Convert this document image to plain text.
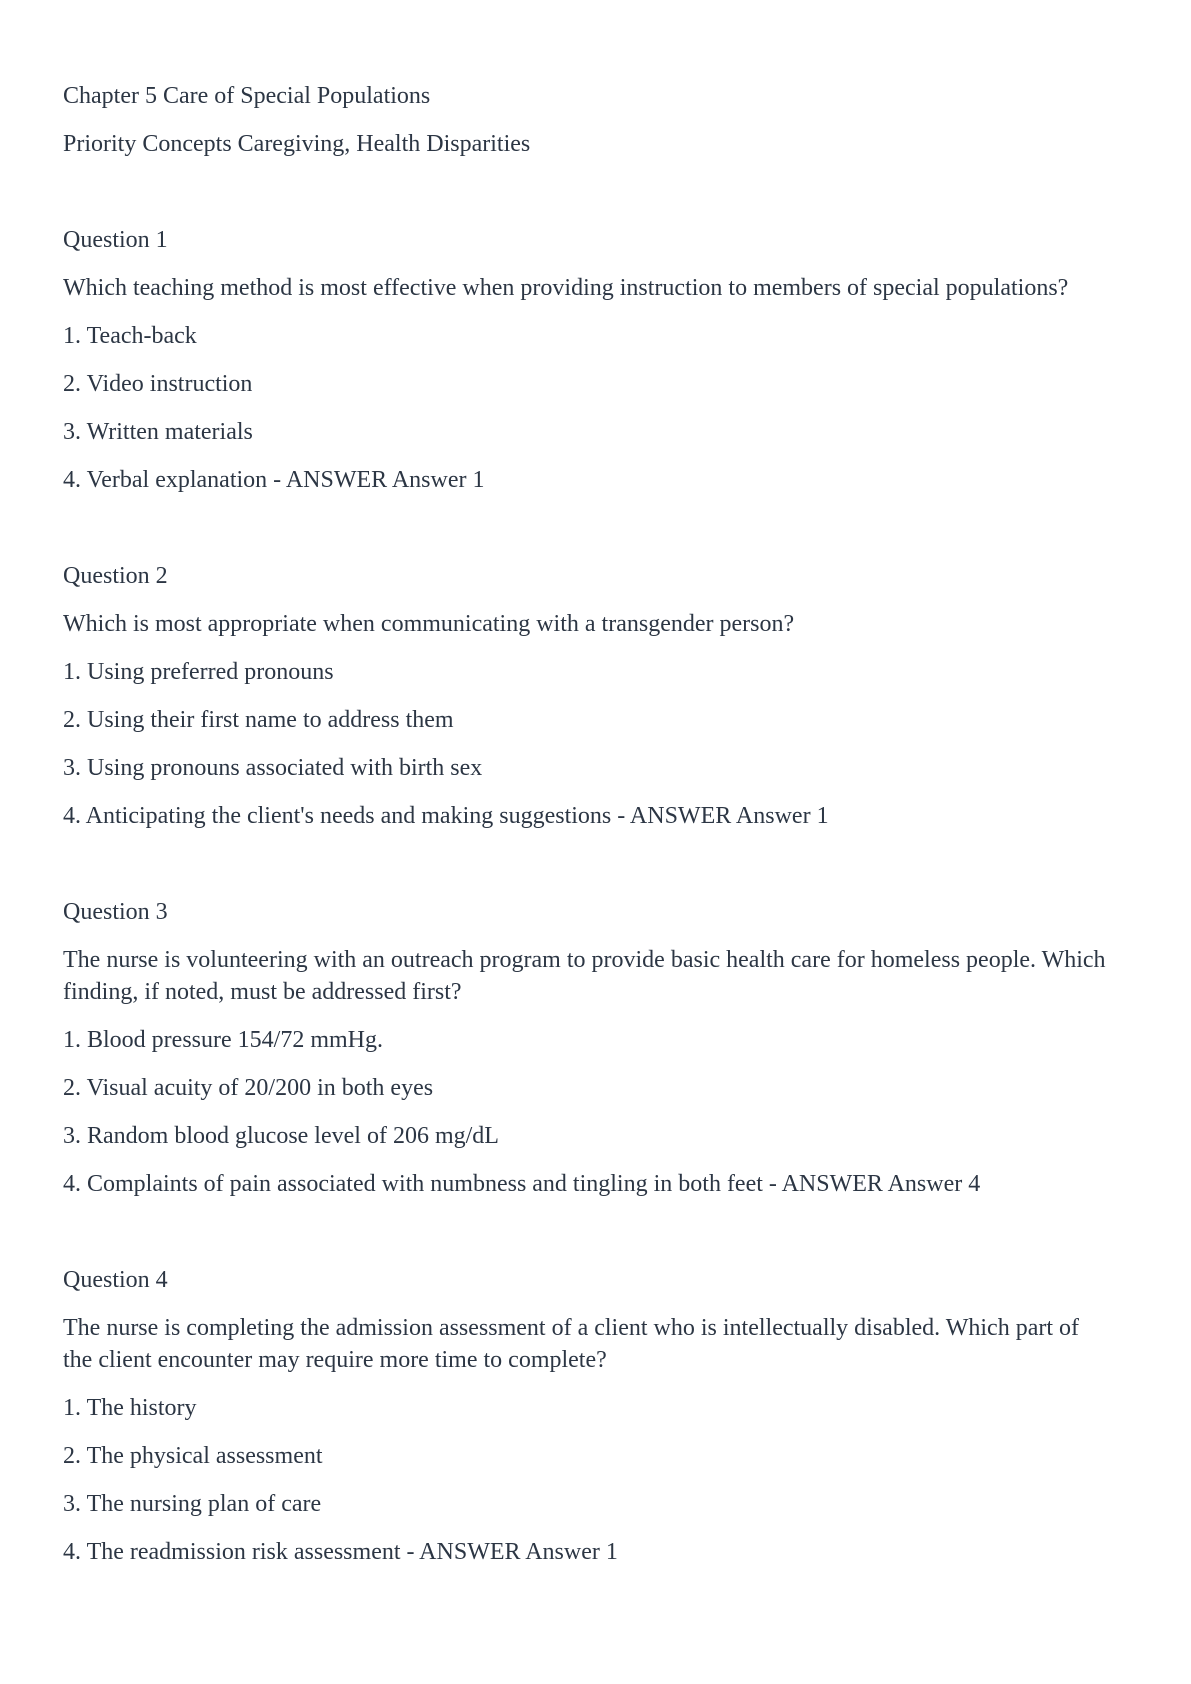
Chapter 5 Care of Special Populations

Priority Concepts Caregiving, Health Disparities

Question 1

Which teaching method is most effective when providing instruction to members of special populations?

1. Teach-back

2. Video instruction

3. Written materials

4. Verbal explanation - ANSWER Answer 1

Question 2

Which is most appropriate when communicating with a transgender person?

1. Using preferred pronouns

2. Using their first name to address them

3. Using pronouns associated with birth sex

4. Anticipating the client's needs and making suggestions - ANSWER Answer 1

Question 3

The nurse is volunteering with an outreach program to provide basic health care for homeless people. Which
finding, if noted, must be addressed first?

1. Blood pressure 154/72 mmHg.

2. Visual acuity of 20/200 in both eyes

3. Random blood glucose level of 206 mg/dL

4. Complaints of pain associated with numbness and tingling in both feet - ANSWER Answer 4

Question 4

The nurse is completing the admission assessment of a client who is intellectually disabled. Which part of
the client encounter may require more time to complete?

1. The history

2. The physical assessment

3. The nursing plan of care

4. The readmission risk assessment - ANSWER Answer 1
